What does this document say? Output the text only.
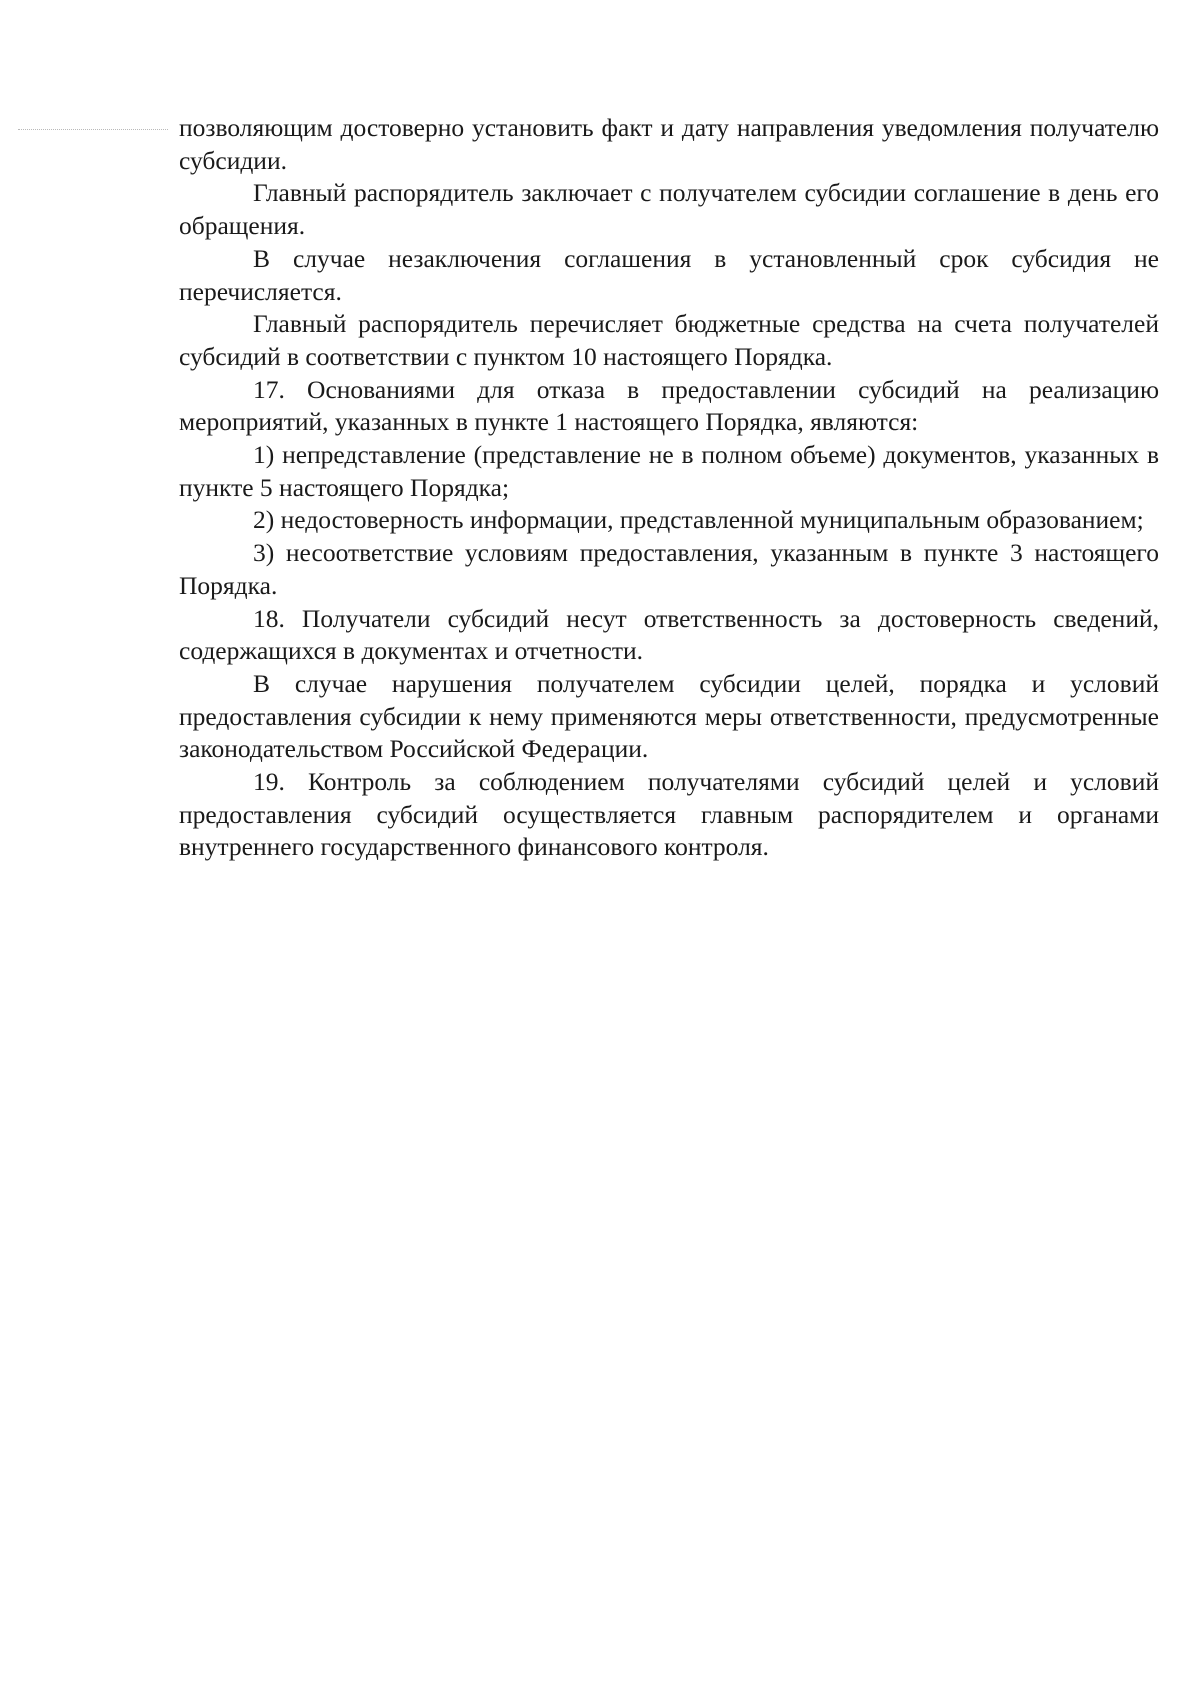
позволяющим достоверно установить факт и дату направления уведомления получателю субсидии.

Главный распорядитель заключает с получателем субсидии соглашение в день его обращения.

В случае незаключения соглашения в установленный срок субсидия не перечисляется.

Главный распорядитель перечисляет бюджетные средства на счета получателей субсидий в соответствии с пунктом 10 настоящего Порядка.

17. Основаниями для отказа в предоставлении субсидий на реализацию мероприятий, указанных в пункте 1 настоящего Порядка, являются:

1) непредставление (представление не в полном объеме) документов, указанных в пункте 5 настоящего Порядка;

2) недостоверность информации, представленной муниципальным образованием;

3) несоответствие условиям предоставления, указанным в пункте 3 настоящего Порядка.

18. Получатели субсидий несут ответственность за достоверность сведений, содержащихся в документах и отчетности.

В случае нарушения получателем субсидии целей, порядка и условий предоставления субсидии к нему применяются меры ответственности, предусмотренные законодательством Российской Федерации.

19. Контроль за соблюдением получателями субсидий целей и условий предоставления субсидий осуществляется главным распорядителем и органами внутреннего государственного финансового контроля.
